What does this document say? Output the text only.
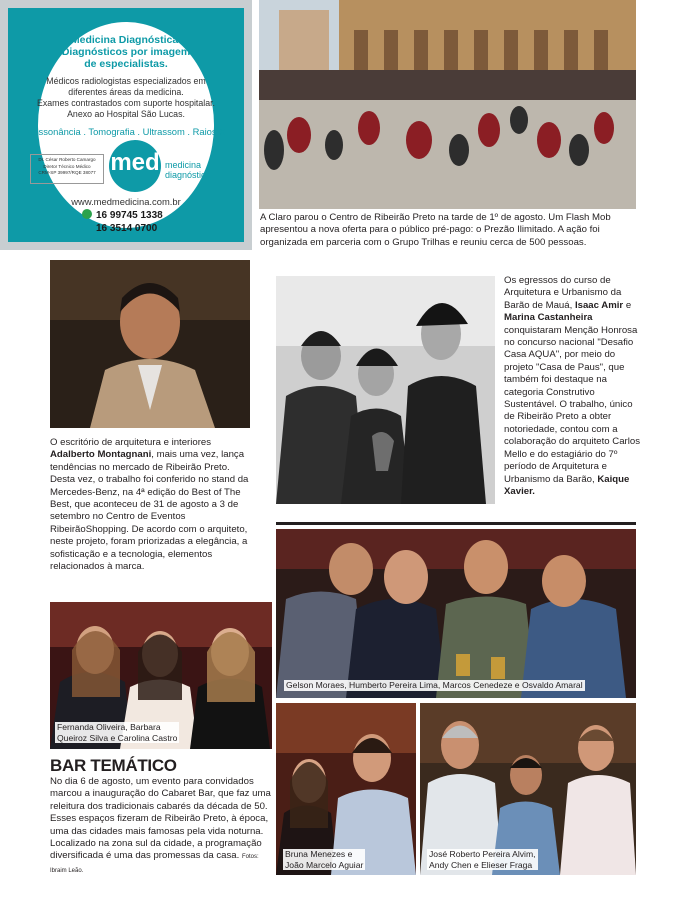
MED
Medicina Diagnóstica.
Diagnósticos por imagem
de especialistas.
Médicos radiologistas especializados em
diferentes áreas da medicina.
Exames contrastados com suporte hospitalar.
Anexo ao Hospital São Lucas.
Ressonância . Tomografia . Ultrassom . Raios X
Dr. César Roberto Camargo
Diretor Técnico Médico
CRM-SP 39997/RQE 38077 med medicina
diagnóstica
www.medmedicina.com.br
16 99745 1338
16 3514 0700
A Claro parou o Centro de Ribeirão Preto na tarde de 1º de agosto. Um Flash Mob apresentou a nova oferta para o público pré-pago: o Prezão Ilimitado. A ação foi organizada em parceria com o Grupo Trilhas e reuniu cerca de 500 pessoas.
O escritório de arquitetura e interiores Adalberto Montagnani, mais uma vez, lança tendências no mercado de Ribeirão Preto. Desta vez, o trabalho foi conferido no stand da Mercedes-Benz, na 4ª edição do Best of The Best, que aconteceu de 31 de agosto a 3 de setembro no Centro de Eventos RibeirãoShopping. De acordo com o arquiteto, neste projeto, foram priorizadas a elegância, a sofisticação e a tecnologia, elementos relacionados à marca.
Os egressos do curso de Arquitetura e Urbanismo da Barão de Mauá, Isaac Amir e Marina Castanheira conquistaram Menção Honrosa no concurso nacional "Desafio Casa AQUA", por meio do projeto "Casa de Paus", que também foi destaque na categoria Construtivo Sustentável. O trabalho, único de Ribeirão Preto a obter notoriedade, contou com a colaboração do arquiteto Carlos Mello e do estagiário do 7º período de Arquitetura e Urbanismo da Barão, Kaique Xavier.
Gelson Moraes, Humberto Pereira Lima, Marcos Cenedeze e Osvaldo Amaral
Fernanda Oliveira, Barbara
Queiroz Silva e Carolina Castro
BAR TEMÁTICO
No dia 6 de agosto, um evento para convidados marcou a inauguração do Cabaret Bar, que faz uma releitura dos tradicionais cabarés da década de 50. Esses espaços fizeram de Ribeirão Preto, à época, uma das cidades mais famosas pela vida noturna. Localizado na zona sul da cidade, a programação diversificada é uma das promessas da casa. Fotos: Ibraim Leão.
Bruna Menezes e
João Marcelo Aguiar
José Roberto Pereira Alvim,
Andy Chen e Elieser Fraga
